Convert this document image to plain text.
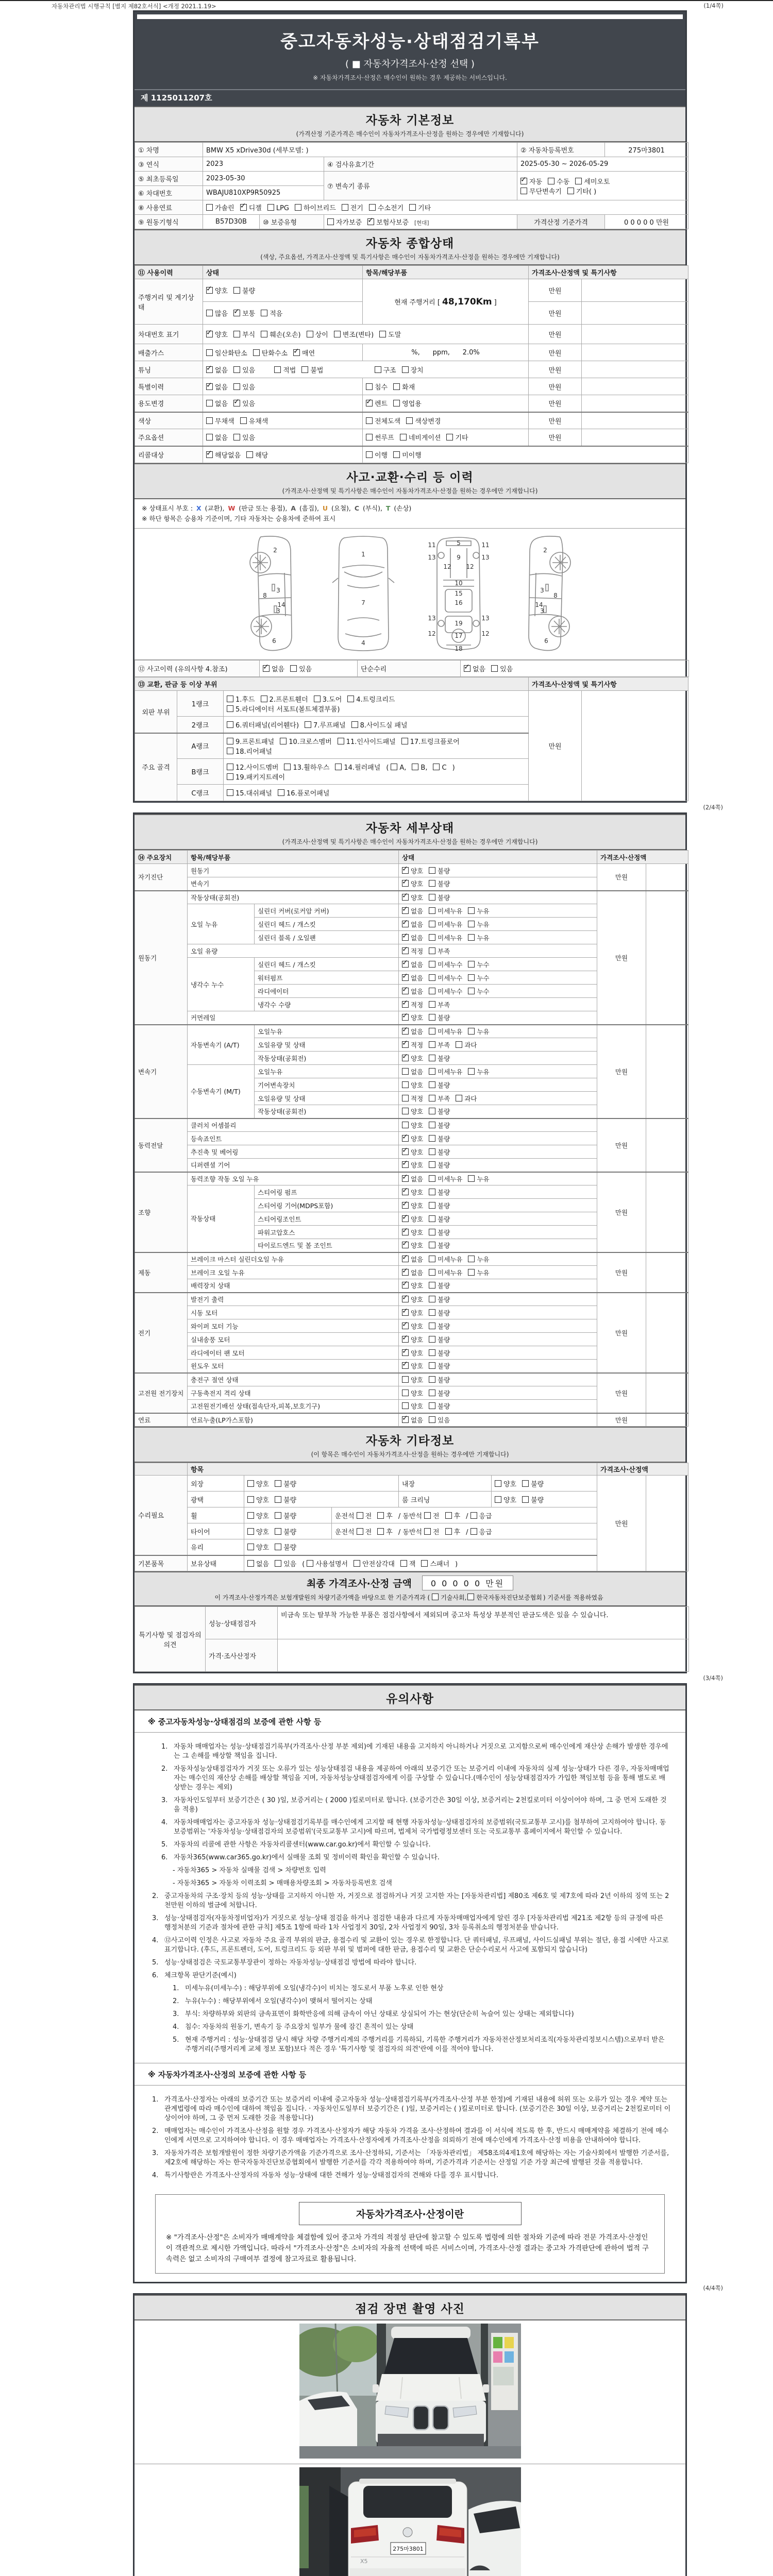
자동차관리법 시행규칙 [별지 제82호서식] <개정 2021.1.19>	(1/4쪽)
중고자동차성능·상태점검기록부
( ■ 자동차가격조사·산정 선택 )
※ 자동차가격조사·산정은 매수인이 원하는 경우 제공하는 서비스입니다.
제 1125011207호
자동차 기본정보
(가격산정 기준가격은 매수인이 자동차가격조사·산정을 원하는 경우에만 기재합니다)
① 차명	BMW X5 xDrive30d (세부모델: )			② 자동차등록번호	275마3801
③ 연식	2023		④ 검사유효기간	2025-05-30 ~ 2026-05-29	
⑤ 최초등록일	2023-05-30		⑦ 변속기 종류	✓자동 수동 세미오토
무단변속기 기타( )
⑥ 차대번호	WBAJU810XP9R50925				
⑧ 사용연료	가솔린 ✓ 디젤 LPG 하이브리드 전기 수소전기 기타
⑨ 원동기형식	B57D30B	⑩ 보증유형	자가보증 ✓ 보험사보증 [현대]	가격산정 기준가격	0 0 0 0 0 만원
자동차 종합상태
(색상, 주요옵션, 가격조사·산정액 및 특기사항은 매수인이 자동차가격조사·산정을 원하는 경우에만 기재합니다)
⑪ 사용이력	상태	항목/해당부품	가격조사·산정액 및 특기사항	
주행거리 및 계기상태	✓양호 불량	현재 주행거리 [ 48,170Km ]	만원	
	많음 ✓ 보통 적음		만원	
차대번호 표기	✓양호 부식 훼손(오손) 상이 변조(변타) 도말		만원	
배출가스	일산화탄소 탄화수소 ✓ 매연	%,      ppm,      2.0%	만원	
튜닝	✓없음 있음 적법 불법 구조 장치		만원	
특별이력	✓없음 있음	침수 화재	만원	
용도변경	없음 ✓ 있음	✓렌트 영업용	만원	
색상	무채색 유채색	전체도색 색상변경	만원	
주요옵션	없음 있음	썬루프 네비게이션 기타	만원	
리콜대상	✓해당없음 해당	이행 미이행		
사고·교환·수리 등 이력
(가격조사·산정액 및 특기사항은 매수인이 자동차가격조사·산정을 원하는 경우에만 기재합니다)
※ 상태표시 부호 : X (교환), W (판금 또는 용접), A (흠집), U (요철), C (부식), T (손상)
※ 하단 항목은 승용차 기준이며, 기타 자동차는 승용차에 준하여 표시
2
8
3
14
3
6
1
7
4
5
9
11	11
12 12
13	13
10
15
16
19
13	13
12	12
17
18
2
8
3
14
3
6
⑫ 사고이력 (유의사항 4.참조)	✓없음 있음	단순수리	✓없음 있음
⑬ 교환, 판금 등 이상 부위			가격조사·산정액 및 특기사항	
외판 부위	1랭크	1.후드 2.프론트휀더 3.도어 4.트렁크리드
5.라디에이터 서포트(볼트체결부품)	만원	
	2랭크	6.쿼터패널(리어휀다) 7.루프패널 8.사이드실 패널		
주요 골격	A랭크	9.프론트패널 10.크로스멤버 11.인사이드패널 17.트렁크플로어
18.리어패널		
	B랭크	12.사이드멤버 13.휠하우스 14.필러패널 ( A, B, C )
19.패키지트레이		
	C랭크	15.대쉬패널 16.플로어패널		
(2/4쪽)
자동차 세부상태
(가격조사·산정액 및 특기사항은 매수인이 자동차가격조사·산정을 원하는 경우에만 기재합니다)
⑭ 주요장치	항목/해당부품		상태	가격조사·산정액	
자기진단	원동기	✓양호 불량	만원	
	변속기	✓양호 불량
원동기	작동상태(공회전)	✓양호 불량	만원	
	오일 누유	실린더 커버(로커암 커버)	✓없음 미세누유 누유
		실린더 헤드 / 개스킷	✓없음 미세누유 누유
		실린더 블록 / 오일팬	✓없음 미세누유 누유
	오일 유량	✓적정 부족
	냉각수 누수	실린더 헤드 / 개스킷	✓없음 미세누수 누수
		워터펌프	✓없음 미세누수 누수
		라디에이터	✓없음 미세누수 누수
		냉각수 수량	✓적정 부족
	커먼레일	✓양호 불량
변속기	자동변속기 (A/T)	오일누유	✓없음 미세누유 누유	만원	
		오일유량 및 상태	✓적정 부족 과다
		작동상태(공회전)	✓양호 불량
	수동변속기 (M/T)	오일누유	없음 미세누유 누유		
		기어변속장치	양호 불량		
		오일유량 및 상태	적정 부족 과다		
		작동상태(공회전)	양호 불량		
동력전달	클러치 어셈블리		양호 불량	만원	
	등속죠인트	✓양호 불량
	추진축 및 베어링	✓양호 불량
	디퍼렌셜 기어	✓양호 불량
조향	동력조향 작동 오일 누유	✓없음 미세누유 누유	만원	
	작동상태	스티어링 펌프	✓양호 불량
		스티어링 기어(MDPS포함)	✓양호 불량
		스티어링조인트	✓양호 불량
		파워고압호스	✓양호 불량
		타이로드엔드 및 볼 조인트	✓양호 불량
제동	브레이크 마스터 실린더오일 누유	✓없음 미세누유 누유	만원	
	브레이크 오일 누유	✓없음 미세누유 누유
	배력장치 상태	✓양호 불량
전기	발전기 출력	✓양호 불량	만원	
	시동 모터	✓양호 불량
	와이퍼 모터 기능	✓양호 불량
	실내송풍 모터	✓양호 불량
	라디에이터 팬 모터	✓양호 불량
	윈도우 모터	✓양호 불량
고전원 전기장치	충전구 절연 상태		양호 불량	만원	
	구동축전지 격리 상태		양호 불량		
	고전원전기배선 상태(접속단자,피복,보호기구)		양호 불량		
연료	연료누출(LP가스포함)	✓없음 있음	만원	
자동차 기타정보
(이 항목은 매수인이 자동차가격조사·산정을 원하는 경우에만 기재합니다)
	항목					가격조사·산정액	
수리필요	외장	양호 불량		내장	양호 불량	만원	
	광택	양호 불량		룸 크리닝	양호 불량		
	휠	양호 불량	운전석 전 후 / 동반석 전 후 / 응급				
	타이어	양호 불량	운전석 전 후 / 동반석 전 후 / 응급				
	유리	양호 불량					
기본품목	보유상태	없음 있음 ( 사용설명서 안전삼각대 잭 스패너 )					
최종 가격조사·산정 금액 0 0 0 0 0 만원
이 가격조사·산정가격은 보험개발원의 차량기준가액을 바탕으로 한 기준가격과 ( 기술사회, 한국자동차진단보증협회 ) 기준서를 적용하였음
특기사항 및 점검자의 의견	성능·상태점검자	비금속 또는 탈부착 가능한 부품은 점검사항에서 제외되며 중고차 특성상 부분적인 판금도색은 있을 수 있습니다.
	가격·조사산정자	
(3/4쪽)
유의사항
※ 중고자동차성능·상태점검의 보증에 관한 사항 등
1. 자동차 매매업자는 성능·상태점검기록부(가격조사·산정 부분 제외)에 기재된 내용을 고지하지 아니하거나 거짓으로 고지함으로써 매수인에게 재산상 손해가 발생한 경우에는 그 손해를 배상할 책임을 집니다.
2. 자동차성능상태점검자가 거짓 또는 오류가 있는 성능상태점검 내용을 제공하여 아래의 보증기간 또는 보증거리 이내에 자동차의 실제 성능·상태가 다른 경우, 자동차매매업자는 매수인의 재산상 손해를 배상할 책임을 지며, 자동차성능상태점검자에게 이를 구상할 수 있습니다.(매수인이 성능상태점검자가 가입한 책임보험 등을 통해 별도로 배상받는 경우는 제외)
3. 자동차인도일부터 보증기간은 ( 30 )일, 보증거리는 ( 2000 )킬로미터로 합니다. (보증기간은 30일 이상, 보증거리는 2천킬로미터 이상이어야 하며, 그 중 먼저 도래한 것을 적용)
4. 자동차매매업자는 중고자동차 성능·상태점검기록부를 매수인에게 고지할 때 현행 자동차성능·상태점검자의 보증범위(국토교통부 고시)를 첨부하여 고지하여야 합니다. 동 보증범위는 '자동차성능·상태점검자의 보증범위'(국토교통부 고시)에 따르며, 법제처 국가법령정보센터 또는 국토교통부 홈페이지에서 확인할 수 있습니다.
5. 자동차의 리콜에 관한 사항은 자동차리콜센터(www.car.go.kr)에서 확인할 수 있습니다.
6. 자동차365(www.car365.go.kr)에서 실매물 조회 및 정비이력 확인을 확인할 수 있습니다.
- 자동차365 > 자동차 실매물 검색 > 차량번호 입력
- 자동차365 > 자동차 이력조회 > 매매용차량조회 > 자동차등록번호 검색
2. 중고자동차의 구조·장치 등의 성능·상태를 고지하지 아니한 자, 거짓으로 점검하거나 거짓 고지한 자는 [자동차관리법] 제80조 제6호 및 제7호에 따라 2년 이하의 징역 또는 2천만원 이하의 벌금에 처합니다.
3. 성능·상태점검자(자동차정비업자)가 거짓으로 성능·상태 점검을 하거나 점검한 내용과 다르게 자동차매매업자에게 알린 경우 [자동차관리법 제21조 제2항 등의 규정에 따른 행정처분의 기준과 절차에 관한 규칙] 제5조 1항에 따라 1차 사업정지 30일, 2차 사업정지 90일, 3차 등록취소의 행정처분을 받습니다.
4. ⑫사고이력 인정은 사고로 자동차 주요 골격 부위의 판금, 용접수리 및 교환이 있는 경우로 한정합니다. 단 쿼터패널, 루프패널, 사이드실패널 부위는 절단, 용접 시에만 사고로 표기합니다. (후드, 프론트펜더, 도어, 트렁크리드 등 외판 부위 및 범퍼에 대한 판금, 용접수리 및 교환은 단순수리로서 사고에 포함되지 않습니다)
5. 성능·상태점검은 국토교통부장관이 정하는 자동차성능·상태점검 방법에 따라야 합니다.
6. 체크항목 판단기준(예시)
1. 미세누유(미세누수) : 해당부위에 오일(냉각수)이 비치는 정도로서 부품 노후로 인한 현상
2. 누유(누수) : 해당부위에서 오일(냉각수)이 맺혀서 떨어지는 상태
3. 부식: 차량하부와 외판의 금속표면이 화학반응에 의해 금속이 아닌 상태로 상실되어 가는 현상(단순히 녹슬어 있는 상태는 제외합니다)
4. 침수: 자동차의 원동기, 변속기 등 주요장치 일부가 물에 잠긴 흔적이 있는 상태
5. 현재 주행거리 : 성능·상태점검 당시 해당 차량 주행거리계의 주행거리를 기록하되, 기록한 주행거리가 자동차전산정보처리조직(자동차관리정보시스템)으로부터 받은 주행거리(주행거리계 교체 정보 포함)보다 적은 경우 '특기사항 및 점검자의 의견'란에 이를 적어야 합니다.
※ 자동차가격조사·산정의 보증에 관한 사항 등
1. 가격조사·산정자는 아래의 보증기간 또는 보증거리 이내에 중고자동차 성능·상태점검기록부(가격조사·산정 부분 한정)에 기재된 내용에 허위 또는 오류가 있는 경우 계약 또는 관계법령에 따라 매수인에 대하여 책임을 집니다. · 자동차인도일부터 보증기간은 ( )일, 보증거리는 ( )킬로미터로 합니다. (보증기간은 30일 이상, 보증거리는 2천킬로미터 이상이어야 하며, 그 중 먼저 도래한 것을 적용합니다)
2. 매매업자는 매수인이 가격조사·산정을 원할 경우 가격조사·산정자가 해당 자동차 가격을 조사·산정하여 결과를 이 서식에 적도록 한 후, 반드시 매매계약을 체결하기 전에 매수인에게 서면으로 고지하여야 합니다. 이 경우 매매업자는 가격조사·산정자에게 가격조사·산정을 의뢰하기 전에 매수인에게 가격조사·산정 비용을 안내하여야 합니다.
3. 자동차가격은 보험개발원이 정한 차량기준가액을 기준가격으로 조사·산정하되, 기준서는 「자동차관리법」 제58조의4제1호에 해당하는 자는 기술사회에서 발행한 기준서를, 제2호에 해당하는 자는 한국자동차진단보증협회에서 발행한 기준서를 각각 적용하여야 하며, 기준가격과 기준서는 산정일 기준 가장 최근에 발행된 것을 적용합니다.
4. 특기사항란은 가격조사·산정자의 자동차 성능·상태에 대한 견해가 성능·상태점검자의 견해와 다를 경우 표시합니다.
자동차가격조사·산정이란
※ "가격조사·산정"은 소비자가 매매계약을 체결함에 있어 중고차 가격의 적절성 판단에 참고할 수 있도록 법령에 의한 절차와 기준에 따라 전문 가격조사·산정인이 객관적으로 제시한 가액입니다. 따라서 "가격조사·산정"은 소비자의 자율적 선택에 따른 서비스이며, 가격조사·산정 결과는 중고차 가격판단에 관하여 법적 구속력은 없고 소비자의 구매여부 결정에 참고자료로 활용됩니다.
(4/4쪽)
점검 장면 촬영 사진
275마3801
X5
